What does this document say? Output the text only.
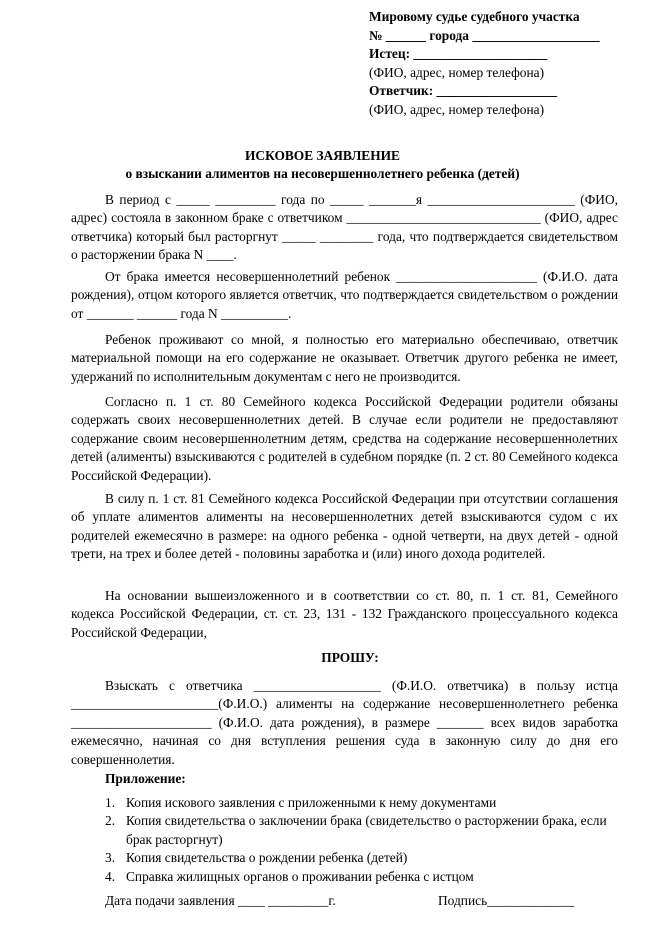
Мировому судье судебного участка
№ ______ города ___________________
Истец: ____________________
(ФИО, адрес, номер телефона)
Ответчик: __________________
(ФИО, адрес, номер телефона)
ИСКОВОЕ ЗАЯВЛЕНИЕ
о взыскании алиментов на несовершеннолетнего ребенка (детей)

В период с _____ _________ года по _____ _______я ______________________ (ФИО, адрес) состояла в законном браке с ответчиком _____________________________ (ФИО, адрес ответчика) который был расторгнут _____ ________ года, что подтверждается свидетельством о расторжении брака N ____.

От брака имеется несовершеннолетний ребенок _____________________ (Ф.И.О. дата рождения), отцом которого является ответчик, что подтверждается свидетельством о рождении от _______ ______ года N __________.

Ребенок проживают со мной, я полностью его материально обеспечиваю, ответчик материальной помощи на его содержание не оказывает. Ответчик другого ребенка не имеет, удержаний по исполнительным документам с него не производится.

Согласно п. 1 ст. 80 Семейного кодекса Российской Федерации родители обязаны содержать своих несовершеннолетних детей. В случае если родители не предоставляют содержание своим несовершеннолетним детям, средства на содержание несовершеннолетних детей (алименты) взыскиваются с родителей в судебном порядке (п. 2 ст. 80 Семейного кодекса Российской Федерации).

В силу п. 1 ст. 81 Семейного кодекса Российской Федерации при отсутствии соглашения об уплате алиментов алименты на несовершеннолетних детей взыскиваются судом с их родителей ежемесячно в размере: на одного ребенка - одной четверти, на двух детей - одной трети, на трех и более детей - половины заработка и (или) иного дохода родителей.

На основании вышеизложенного и в соответствии со ст. 80, п. 1 ст. 81, Семейного кодекса Российской Федерации, ст. ст. 23, 131 - 132 Гражданского процессуального кодекса Российской Федерации,

ПРОШУ:

Взыскать с ответчика ___________________ (Ф.И.О. ответчика) в пользу истца ______________________(Ф.И.О.) алименты на содержание несовершеннолетнего ребенка _____________________ (Ф.И.О. дата рождения), в размере _______ всех видов заработка ежемесячно, начиная со дня вступления решения суда в законную силу до дня его совершеннолетия.

Приложение:
1. Копия искового заявления с приложенными к нему документами
2. Копия свидетельства о заключении брака (свидетельство о расторжении брака, если брак расторгнут)
3. Копия свидетельства о рождении ребенка (детей)
4. Справка жилищных органов о проживании ребенка с истцом
Дата подачи заявления ____ _________г.	Подпись_____________
